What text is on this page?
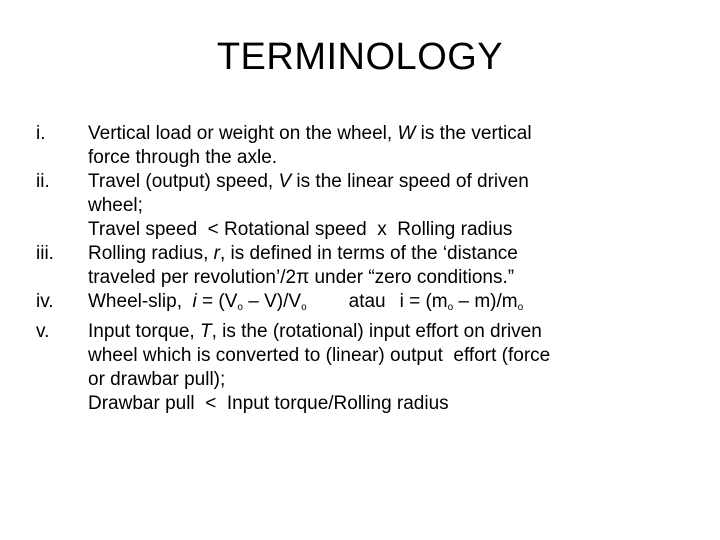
TERMINOLOGY
i.	Vertical load or weight on the wheel, W is the vertical
force through the axle.
ii.	Travel (output) speed, V is the linear speed of driven
wheel;
Travel speed  < Rotational speed  x  Rolling radius
iii.	Rolling radius, r, is defined in terms of the ‘distance
traveled per revolution’/2π under “zero conditions.”
iv.	Wheel-slip,  $i = (V_o - V)/V_o$ atau $i = (m_o - m)/m_o$
v.	Input torque, T, is the (rotational) input effort on driven
wheel which is converted to (linear) output  effort (force
or drawbar pull);
Drawbar pull  <  Input torque/Rolling radius
